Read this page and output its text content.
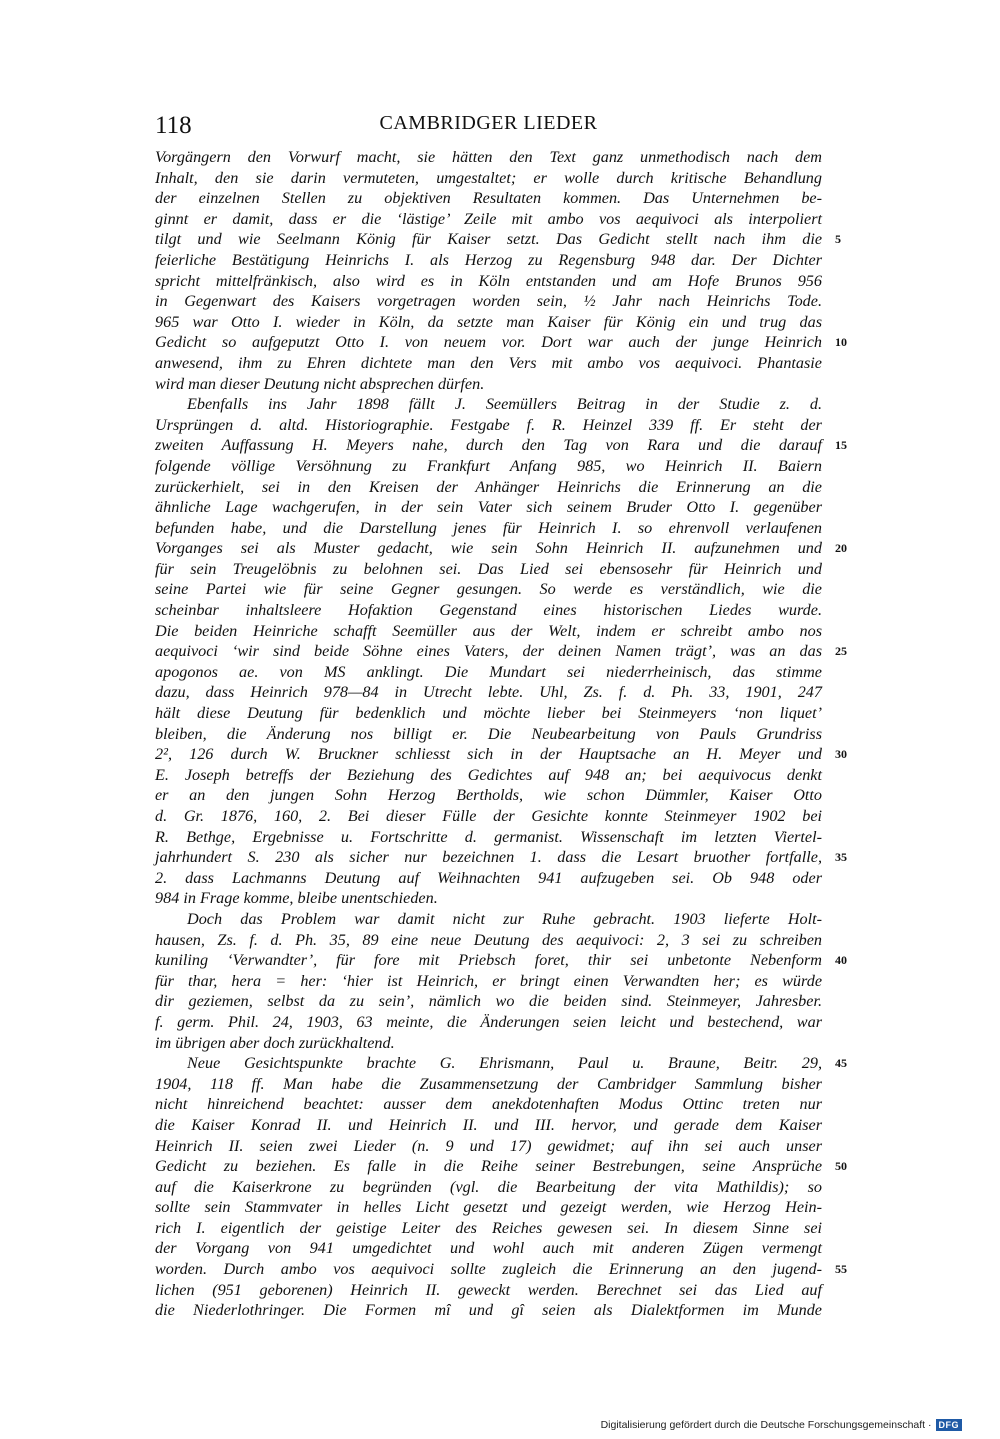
118	CAMBRIDGER LIEDER
Vorgängern den Vorwurf macht, sie hätten den Text ganz unmethodisch nach dem
Inhalt, den sie darin vermuteten, umgestaltet; er wolle durch kritische Behandlung
der einzelnen Stellen zu objektiven Resultaten kommen. Das Unternehmen be-
ginnt er damit, dass er die ‘lästige’ Zeile mit ambo vos aequivoci als interpoliert
tilgt und wie Seelmann König für Kaiser setzt. Das Gedicht stellt nach ihm die 5
feierliche Bestätigung Heinrichs I. als Herzog zu Regensburg 948 dar. Der Dichter
spricht mittelfränkisch, also wird es in Köln entstanden und am Hofe Brunos 956
in Gegenwart des Kaisers vorgetragen worden sein, ½ Jahr nach Heinrichs Tode.
965 war Otto I. wieder in Köln, da setzte man Kaiser für König ein und trug das
Gedicht so aufgeputzt Otto I. von neuem vor. Dort war auch der junge Heinrich 10
anwesend, ihm zu Ehren dichtete man den Vers mit ambo vos aequivoci. Phantasie
wird man dieser Deutung nicht absprechen dürfen.
Ebenfalls ins Jahr 1898 fällt J. Seemüllers Beitrag in der Studie z. d.
Ursprüngen d. altd. Historiographie. Festgabe f. R. Heinzel 339 ff. Er steht der
zweiten Auffassung H. Meyers nahe, durch den Tag von Rara und die darauf 15
folgende völlige Versöhnung zu Frankfurt Anfang 985, wo Heinrich II. Baiern
zurückerhielt, sei in den Kreisen der Anhänger Heinrichs die Erinnerung an die
ähnliche Lage wachgerufen, in der sein Vater sich seinem Bruder Otto I. gegenüber
befunden habe, und die Darstellung jenes für Heinrich I. so ehrenvoll verlaufenen
Vorganges sei als Muster gedacht, wie sein Sohn Heinrich II. aufzunehmen und 20
für sein Treugelöbnis zu belohnen sei. Das Lied sei ebensosehr für Heinrich und
seine Partei wie für seine Gegner gesungen. So werde es verständlich, wie die
scheinbar inhaltsleere Hofaktion Gegenstand eines historischen Liedes wurde.
Die beiden Heinriche schafft Seemüller aus der Welt, indem er schreibt ambo nos
aequivoci ‘wir sind beide Söhne eines Vaters, der deinen Namen trägt’, was an das 25
apogonos ae. von MS anklingt. Die Mundart sei niederrheinisch, das stimme
dazu, dass Heinrich 978—84 in Utrecht lebte. Uhl, Zs. f. d. Ph. 33, 1901, 247
hält diese Deutung für bedenklich und möchte lieber bei Steinmeyers ‘non liquet’
bleiben, die Änderung nos billigt er. Die Neubearbeitung von Pauls Grundriss
2², 126 durch W. Bruckner schliesst sich in der Hauptsache an H. Meyer und 30
E. Joseph betreffs der Beziehung des Gedichtes auf 948 an; bei aequivocus denkt
er an den jungen Sohn Herzog Bertholds, wie schon Dümmler, Kaiser Otto
d. Gr. 1876, 160, 2. Bei dieser Fülle der Gesichte konnte Steinmeyer 1902 bei
R. Bethge, Ergebnisse u. Fortschritte d. germanist. Wissenschaft im letzten Viertel-
jahrhundert S. 230 als sicher nur bezeichnen 1. dass die Lesart bruother fortfalle, 35
2. dass Lachmanns Deutung auf Weihnachten 941 aufzugeben sei. Ob 948 oder
984 in Frage komme, bleibe unentschieden.
Doch das Problem war damit nicht zur Ruhe gebracht. 1903 lieferte Holt-
hausen, Zs. f. d. Ph. 35, 89 eine neue Deutung des aequivoci: 2, 3 sei zu schreiben
kuniling ‘Verwandter’, für fore mit Priebsch foret, thir sei unbetonte Nebenform 40
für thar, hera = her: ‘hier ist Heinrich, er bringt einen Verwandten her; es würde
dir geziemen, selbst da zu sein’, nämlich wo die beiden sind. Steinmeyer, Jahresber.
f. germ. Phil. 24, 1903, 63 meinte, die Änderungen seien leicht und bestechend, war
im übrigen aber doch zurückhaltend.
Neue Gesichtspunkte brachte G. Ehrismann, Paul u. Braune, Beitr. 29, 45
1904, 118 ff. Man habe die Zusammensetzung der Cambridger Sammlung bisher
nicht hinreichend beachtet: ausser dem anekdotenhaften Modus Ottinc treten nur
die Kaiser Konrad II. und Heinrich II. und III. hervor, und gerade dem Kaiser
Heinrich II. seien zwei Lieder (n. 9 und 17) gewidmet; auf ihn sei auch unser
Gedicht zu beziehen. Es falle in die Reihe seiner Bestrebungen, seine Ansprüche 50
auf die Kaiserkrone zu begründen (vgl. die Bearbeitung der vita Mathildis); so
sollte sein Stammvater in helles Licht gesetzt und gezeigt werden, wie Herzog Hein-
rich I. eigentlich der geistige Leiter des Reiches gewesen sei. In diesem Sinne sei
der Vorgang von 941 umgedichtet und wohl auch mit anderen Zügen vermengt
worden. Durch ambo vos aequivoci sollte zugleich die Erinnerung an den jugend- 55
lichen (951 geborenen) Heinrich II. geweckt werden. Berechnet sei das Lied auf
die Niederlothringer. Die Formen mî und gî seien als Dialektformen im Munde
Digitalisierung gefördert durch die Deutsche Forschungsgemeinschaft · DFG
